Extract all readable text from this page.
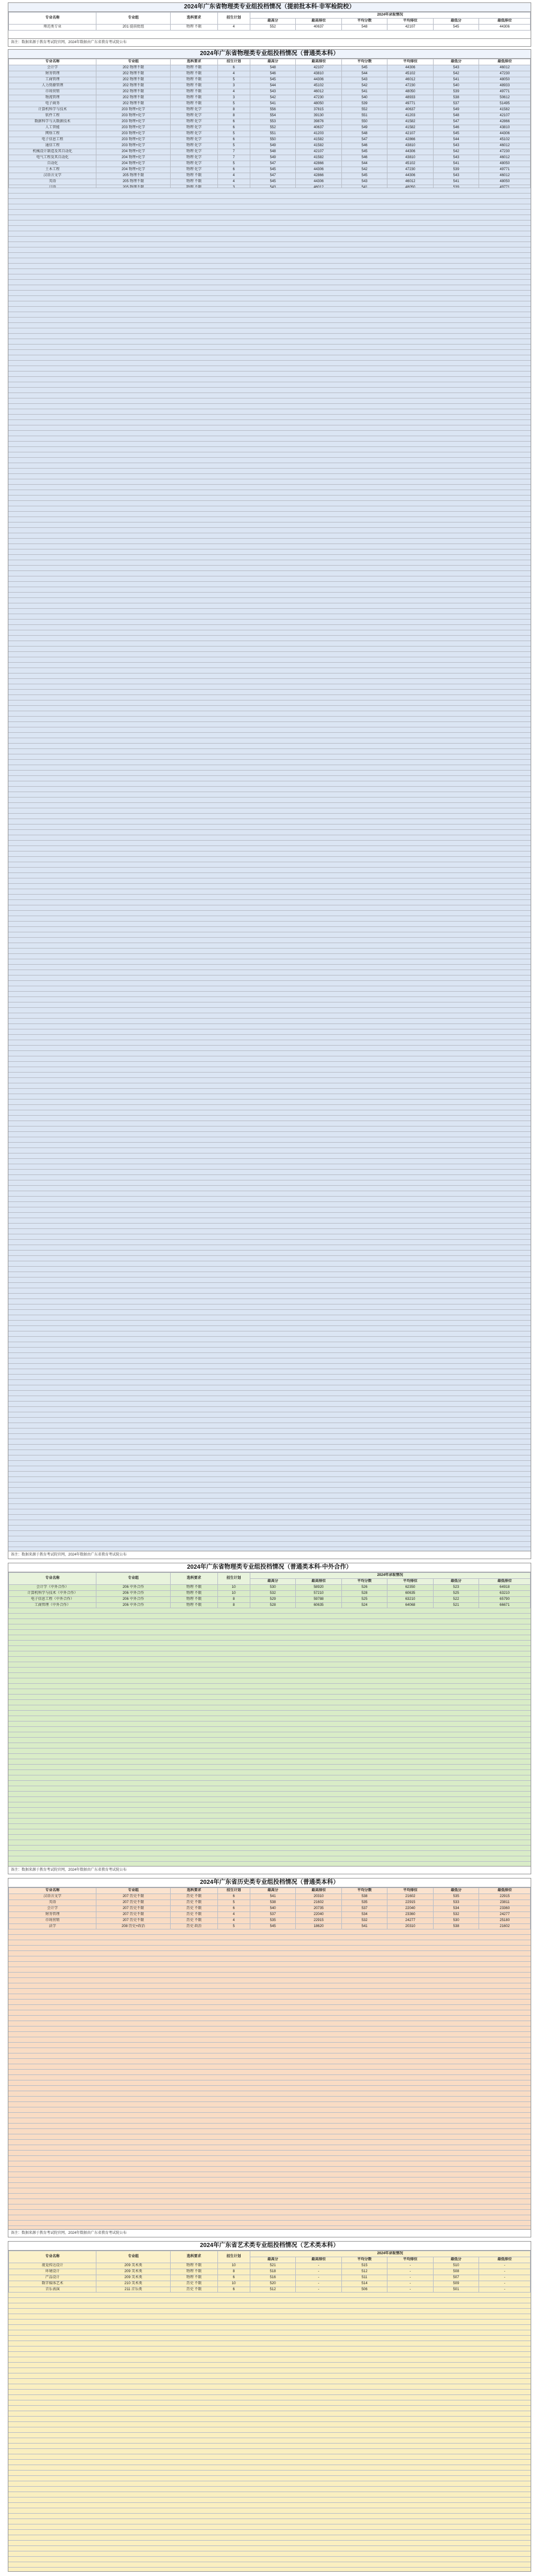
2024年广东省物理类专业组投档情况（提前批本科·非军检院校）
专业名称	专业组	选科要求	招生计划	2024年录取情况					
				最高分	最高排位	平均分数	平均排位	最低分	最低排位
师范类专业	201 提前批组	物理 不限	4	552	40637	548	42107	545	44306
备注：数据来源于教育考试院官网，2024年数据由广东省教育考试院公布
2024年广东省物理类专业组投档情况（普通类本科）
专业名称	专业组	选科要求	招生计划	最高分	最高排位	平均分数	平均排位	最低分	最低排位
会计学	202 物理不限	物理 不限	6	548	42107	545	44306	543	46012
财务管理	202 物理不限	物理 不限	4	546	43810	544	45102	542	47230
工商管理	202 物理不限	物理 不限	5	545	44306	543	46012	541	48050
人力资源管理	202 物理不限	物理 不限	3	544	45102	542	47230	540	48933
市场营销	202 物理不限	物理 不限	4	543	46012	541	48050	539	49771
物流管理	202 物理不限	物理 不限	3	542	47230	540	48933	538	50612
电子商务	202 物理不限	物理 不限	5	541	48050	539	49771	537	51495
计算机科学与技术	203 物理+化学	物理 化学	8	556	37815	552	40637	549	41582
软件工程	203 物理+化学	物理 化学	8	554	39130	551	41203	548	42107
数据科学与大数据技术	203 物理+化学	物理 化学	6	553	39876	550	41582	547	42866
人工智能	203 物理+化学	物理 化学	6	552	40637	549	41582	546	43810
网络工程	203 物理+化学	物理 化学	5	551	41203	548	42107	545	44306
电子信息工程	203 物理+化学	物理 化学	6	550	41582	547	42866	544	45102
通信工程	203 物理+化学	物理 化学	5	549	41582	546	43810	543	46012
机械设计制造及其自动化	204 物理+化学	物理 化学	7	548	42107	545	44306	542	47230
电气工程及其自动化	204 物理+化学	物理 化学	7	549	41582	546	43810	543	46012
自动化	204 物理+化学	物理 化学	5	547	42866	544	45102	541	48050
土木工程	204 物理+化学	物理 化学	6	545	44306	542	47230	539	49771
汉语言文学	205 物理不限	物理 不限	4	547	42866	545	44306	543	46012
英语	205 物理不限	物理 不限	4	545	44306	543	46012	541	48050

备注：数据来源于教育考试院官网，2024年数据由广东省教育考试院公布
2024年广东省物理类专业组投档情况（普通类本科·中外合作）
专业名称	专业组	选科要求	招生计划	2024年录取情况					
				最高分	最高排位	平均分数	平均排位	最低分	最低排位
会计学（中外合作）	206 中外合作	物理 不限	10	530	58920	526	62350	523	64918
计算机科学与技术（中外合作）	206 中外合作	物理 不限	10	532	57210	528	60635	525	63210
电子信息工程（中外合作）	206 中外合作	物理 不限	8	529	59788	525	63210	522	65790
工商管理（中外合作）	206 中外合作	物理 不限	8	528	60635	524	64068	521	66671
备注：数据来源于教育考试院官网，2024年数据由广东省教育考试院公布
2024年广东省历史类专业组投档情况（普通类本科）
专业名称	专业组	选科要求	招生计划	最高分	最高排位	平均分数	平均排位	最低分	最低排位
汉语言文学	207 历史不限	历史 不限	6	541	20310	538	21602	535	22915
英语	207 历史不限	历史 不限	5	538	21602	535	22915	533	23811
会计学	207 历史不限	历史 不限	6	540	20735	537	22040	534	23360
财务管理	207 历史不限	历史 不限	4	537	22040	534	23360	532	24277
市场营销	207 历史不限	历史 不限	4	535	22915	532	24277	530	25180
法学	208 历史+政治	历史 政治	5	545	18620	541	20310	538	21602
备注：数据来源于教育考试院官网，2024年数据由广东省教育考试院公布
2024年广东省艺术类专业组投档情况（艺术类本科）
专业名称	专业组	选科要求	招生计划	2024年录取情况					
				最高分	最高排位	平均分数	平均排位	最低分	最低排位
视觉传达设计	209 美术类	物理 不限	10	521	-	515	-	510	-
环境设计	209 美术类	物理 不限	8	518	-	512	-	508	-
产品设计	209 美术类	物理 不限	6	516	-	511	-	507	-
数字媒体艺术	210 美术类	历史 不限	10	520	-	514	-	509	-
音乐表演	211 音乐类	历史 不限	6	512	-	506	-	501	-
